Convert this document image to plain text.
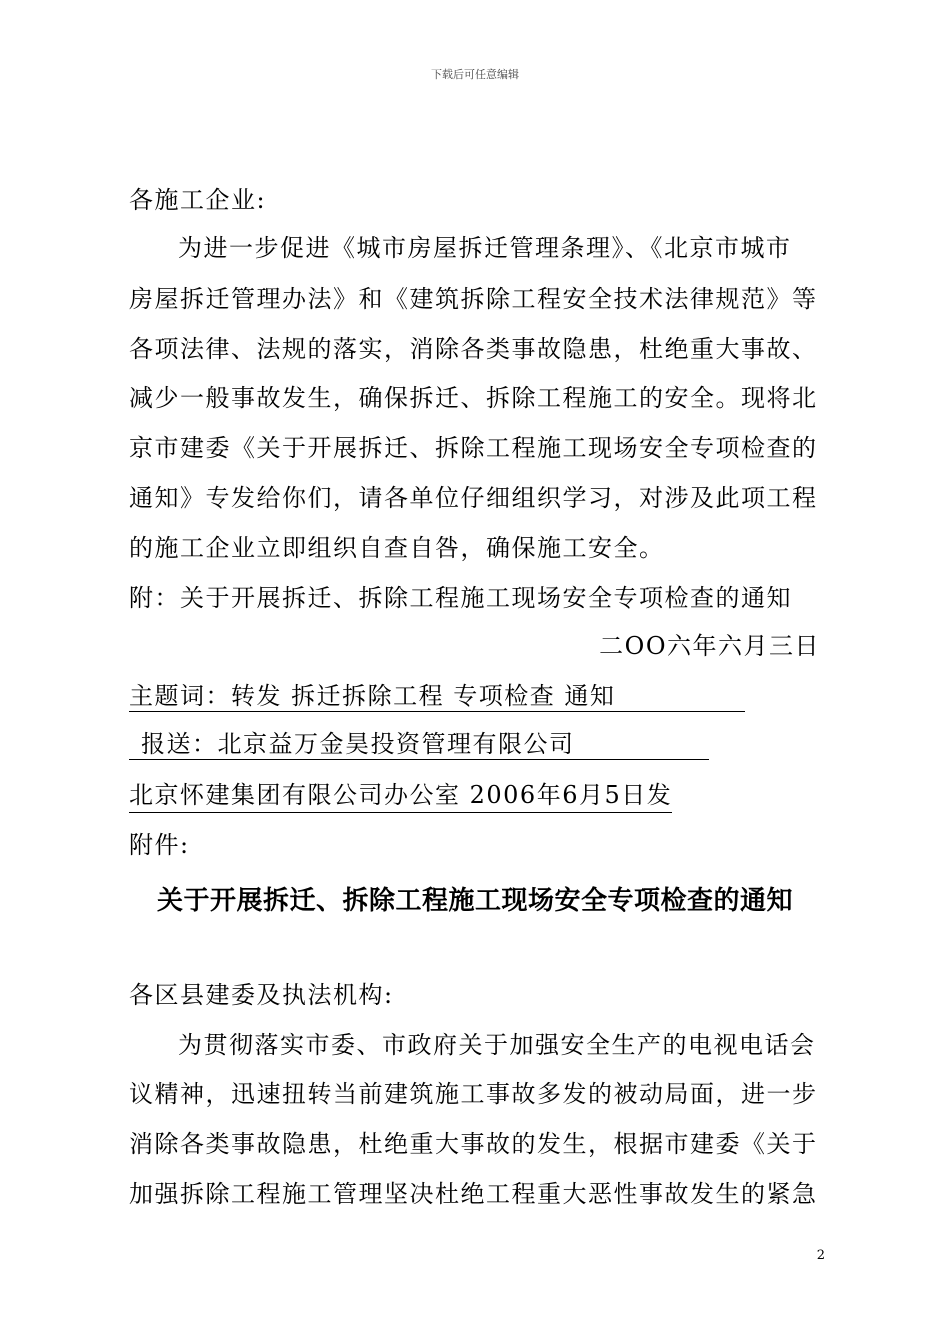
下载后可任意编辑
各施工企业:
为进一步促进《城市房屋拆迁管理条理》、《北京市城市
房屋拆迁管理办法》和《建筑拆除工程安全技术法律规范》等
各项法律、法规的落实，消除各类事故隐患，杜绝重大事故、
减少一般事故发生，确保拆迁、拆除工程施工的安全。现将北
京市建委《关于开展拆迁、拆除工程施工现场安全专项检查的
通知》专发给你们，请各单位仔细组织学习，对涉及此项工程
的施工企业立即组织自查自咎，确保施工安全。
附：关于开展拆迁、拆除工程施工现场安全专项检查的通知
二OO六年六月三日
主题词：转发 拆迁拆除工程 专项检查 通知
报送：北京益万金昊投资管理有限公司
北京怀建集团有限公司办公室 2006年6月5日发
附件:
关于开展拆迁、拆除工程施工现场安全专项检查的通知
各区县建委及执法机构:
为贯彻落实市委、市政府关于加强安全生产的电视电话会
议精神，迅速扭转当前建筑施工事故多发的被动局面，进一步
消除各类事故隐患，杜绝重大事故的发生，根据市建委《关于
加强拆除工程施工管理坚决杜绝工程重大恶性事故发生的紧急
2
